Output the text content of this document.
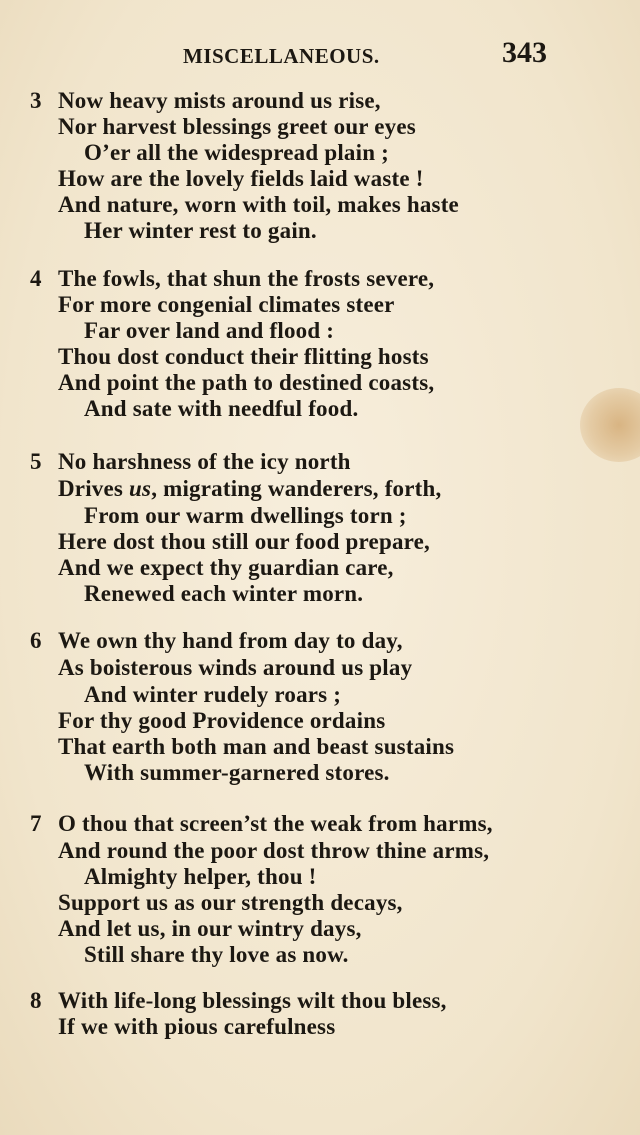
MISCELLANEOUS.	343
3 Now heavy mists around us rise,
Nor harvest blessings greet our eyes
O’er all the widespread plain ;
How are the lovely fields laid waste !
And nature, worn with toil, makes haste
Her winter rest to gain.
4 The fowls, that shun the frosts severe,
For more congenial climates steer
Far over land and flood :
Thou dost conduct their flitting hosts
And point the path to destined coasts,
And sate with needful food.
5 No harshness of the icy north
Drives us, migrating wanderers, forth,
From our warm dwellings torn ;
Here dost thou still our food prepare,
And we expect thy guardian care,
Renewed each winter morn.
6 We own thy hand from day to day,
As boisterous winds around us play
And winter rudely roars ;
For thy good Providence ordains
That earth both man and beast sustains
With summer-garnered stores.
7 O thou that screen’st the weak from harms,
And round the poor dost throw thine arms,
Almighty helper, thou !
Support us as our strength decays,
And let us, in our wintry days,
Still share thy love as now.
8 With life-long blessings wilt thou bless,
If we with pious carefulness
